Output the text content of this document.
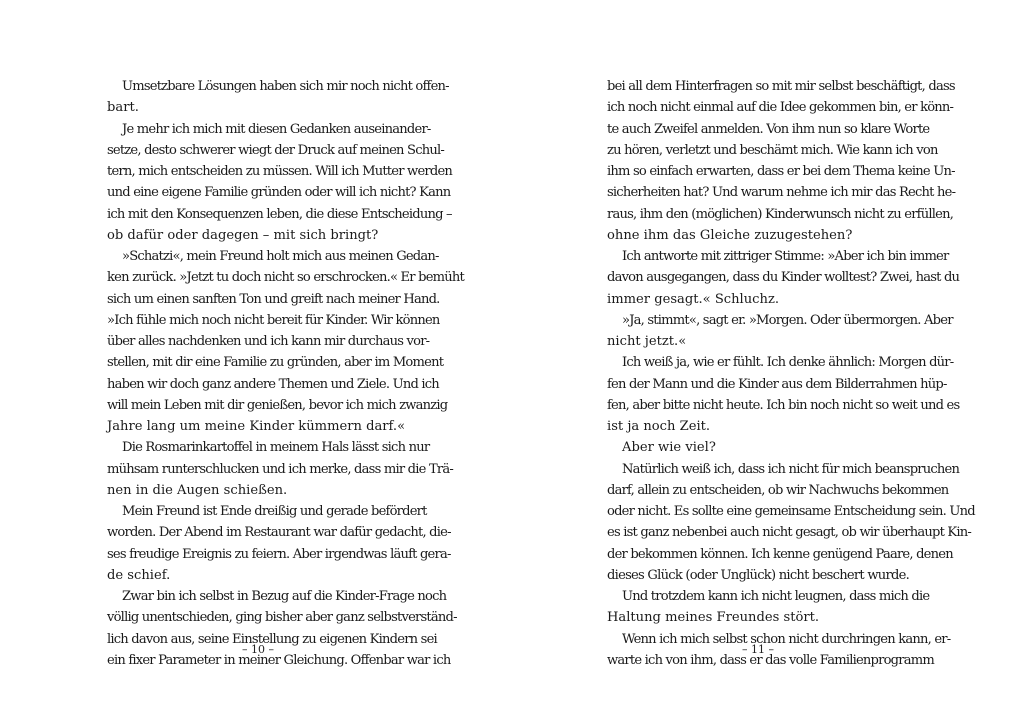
Umsetzbare Lösungen haben sich mir noch nicht offen-
bart.
Je mehr ich mich mit diesen Gedanken auseinander-
setze, desto schwerer wiegt der Druck auf meinen Schul-
tern, mich entscheiden zu müssen. Will ich Mutter werden
und eine eigene Familie gründen oder will ich nicht? Kann
ich mit den Konsequenzen leben, die diese Entscheidung –
ob dafür oder dagegen – mit sich bringt?
»Schatzi«, mein Freund holt mich aus meinen Gedan-
ken zurück. »Jetzt tu doch nicht so erschrocken.« Er bemüht
sich um einen sanften Ton und greift nach meiner Hand.
»Ich fühle mich noch nicht bereit für Kinder. Wir können
über alles nachdenken und ich kann mir durchaus vor-
stellen, mit dir eine Familie zu gründen, aber im Moment
haben wir doch ganz andere Themen und Ziele. Und ich
will mein Leben mit dir genießen, bevor ich mich zwanzig
Jahre lang um meine Kinder kümmern darf.«
Die Rosmarinkartoffel in meinem Hals lässt sich nur
mühsam runterschlucken und ich merke, dass mir die Trä-
nen in die Augen schießen.
Mein Freund ist Ende dreißig und gerade befördert
worden. Der Abend im Restaurant war dafür gedacht, die-
ses freudige Ereignis zu feiern. Aber irgendwas läuft gera-
de schief.
Zwar bin ich selbst in Bezug auf die Kinder-Frage noch
völlig unentschieden, ging bisher aber ganz selbstverständ-
lich davon aus, seine Einstellung zu eigenen Kindern sei
ein fixer Parameter in meiner Gleichung. Offenbar war ich
– 10 –
bei all dem Hinterfragen so mit mir selbst beschäftigt, dass
ich noch nicht einmal auf die Idee gekommen bin, er könn-
te auch Zweifel anmelden. Von ihm nun so klare Worte
zu hören, verletzt und beschämt mich. Wie kann ich von
ihm so einfach erwarten, dass er bei dem Thema keine Un-
sicherheiten hat? Und warum nehme ich mir das Recht he-
raus, ihm den (möglichen) Kinderwunsch nicht zu erfüllen,
ohne ihm das Gleiche zuzugestehen?
Ich antworte mit zittriger Stimme: »Aber ich bin immer
davon ausgegangen, dass du Kinder wolltest? Zwei, hast du
immer gesagt.« Schluchz.
»Ja, stimmt«, sagt er. »Morgen. Oder übermorgen. Aber
nicht jetzt.«
Ich weiß ja, wie er fühlt. Ich denke ähnlich: Morgen dür-
fen der Mann und die Kinder aus dem Bilderrahmen hüp-
fen, aber bitte nicht heute. Ich bin noch nicht so weit und es
ist ja noch Zeit.
Aber wie viel?
Natürlich weiß ich, dass ich nicht für mich beanspruchen
darf, allein zu entscheiden, ob wir Nachwuchs bekommen
oder nicht. Es sollte eine gemeinsame Entscheidung sein. Und
es ist ganz nebenbei auch nicht gesagt, ob wir überhaupt Kin-
der bekommen können. Ich kenne genügend Paare, denen
dieses Glück (oder Unglück) nicht beschert wurde.
Und trotzdem kann ich nicht leugnen, dass mich die
Haltung meines Freundes stört.
Wenn ich mich selbst schon nicht durchringen kann, er-
warte ich von ihm, dass er das volle Familienprogramm
– 11 –
